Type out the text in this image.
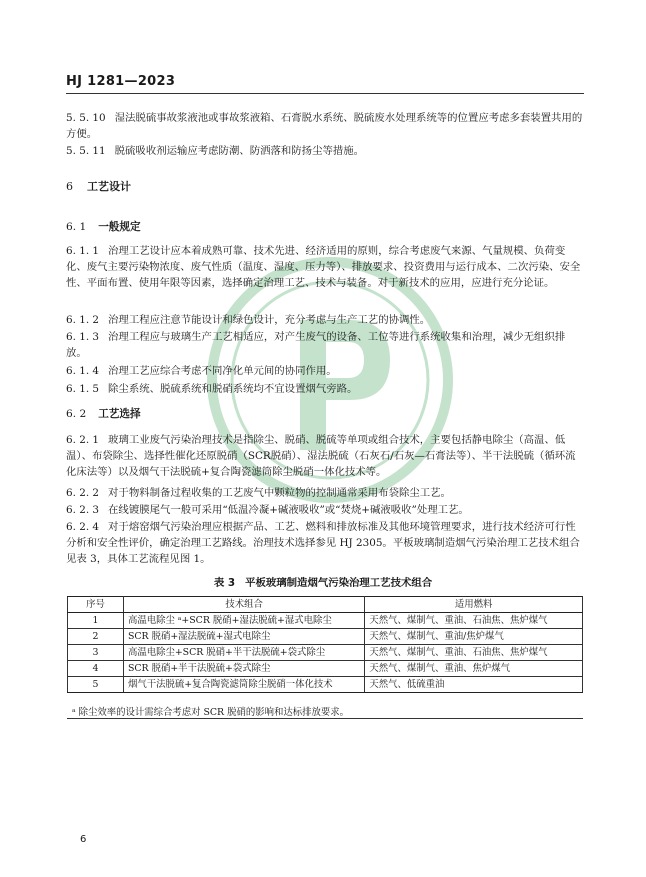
HJ 1281—2023

5. 5. 10 湿法脱硫事故浆液池或事故浆液箱、石膏脱水系统、脱硫废水处理系统等的位置应考虑多套装置共用的方便。

5. 5. 11 脱硫吸收剂运输应考虑防潮、防洒落和防扬尘等措施。

6 工艺设计
6. 1 一般规定

6. 1. 1 治理工艺设计应本着成熟可靠、技术先进、经济适用的原则，综合考虑废气来源、气量规模、负荷变化、废气主要污染物浓度、废气性质（温度、湿度、压力等）、排放要求、投资费用与运行成本、二次污染、安全性、平面布置、使用年限等因素，选择确定治理工艺、技术与装备。对于新技术的应用，应进行充分论证。

6. 1. 2 治理工程应注意节能设计和绿色设计，充分考虑与生产工艺的协调性。

6. 1. 3 治理工程应与玻璃生产工艺相适应，对产生废气的设备、工位等进行系统收集和治理，减少无组织排放。

6. 1. 4 治理工艺应综合考虑不同净化单元间的协同作用。

6. 1. 5 除尘系统、脱硫系统和脱硝系统均不宜设置烟气旁路。

6. 2 工艺选择

6. 2. 1 玻璃工业废气污染治理技术是指除尘、脱硝、脱硫等单项或组合技术，主要包括静电除尘（高温、低温）、布袋除尘、选择性催化还原脱硝（SCR脱硝）、湿法脱硫（石灰石/石灰—石膏法等）、半干法脱硫（循环流化床法等）以及烟气干法脱硫+复合陶瓷滤筒除尘脱硝一体化技术等。

6. 2. 2 对于物料制备过程收集的工艺废气中颗粒物的控制通常采用布袋除尘工艺。

6. 2. 3 在线镀膜尾气一般可采用“低温冷凝+碱液吸收”或“焚烧+碱液吸收”处理工艺。

6. 2. 4 对于熔窑烟气污染治理应根据产品、工艺、燃料和排放标准及其他环境管理要求，进行技术经济可行性分析和安全性评价，确定治理工艺路线。治理技术选择参见 HJ 2305。平板玻璃制造烟气污染治理工艺技术组合见表 3，具体工艺流程见图 1。

表 3 平板玻璃制造烟气污染治理工艺技术组合
序号	技术组合	适用燃料
1	高温电除尘 ᵃ+SCR 脱硝+湿法脱硫+湿式电除尘	天然气、煤制气、重油、石油焦、焦炉煤气
2	SCR 脱硝+湿法脱硫+湿式电除尘	天然气、煤制气、重油/焦炉煤气
3	高温电除尘+SCR 脱硝+半干法脱硫+袋式除尘	天然气、煤制气、重油、石油焦、焦炉煤气
4	SCR 脱硝+半干法脱硫+袋式除尘	天然气、煤制气、重油、焦炉煤气
5	烟气干法脱硫+复合陶瓷滤筒除尘脱硝一体化技术	天然气、低硫重油
ᵃ 除尘效率的设计需综合考虑对 SCR 脱硝的影响和达标排放要求。
6
